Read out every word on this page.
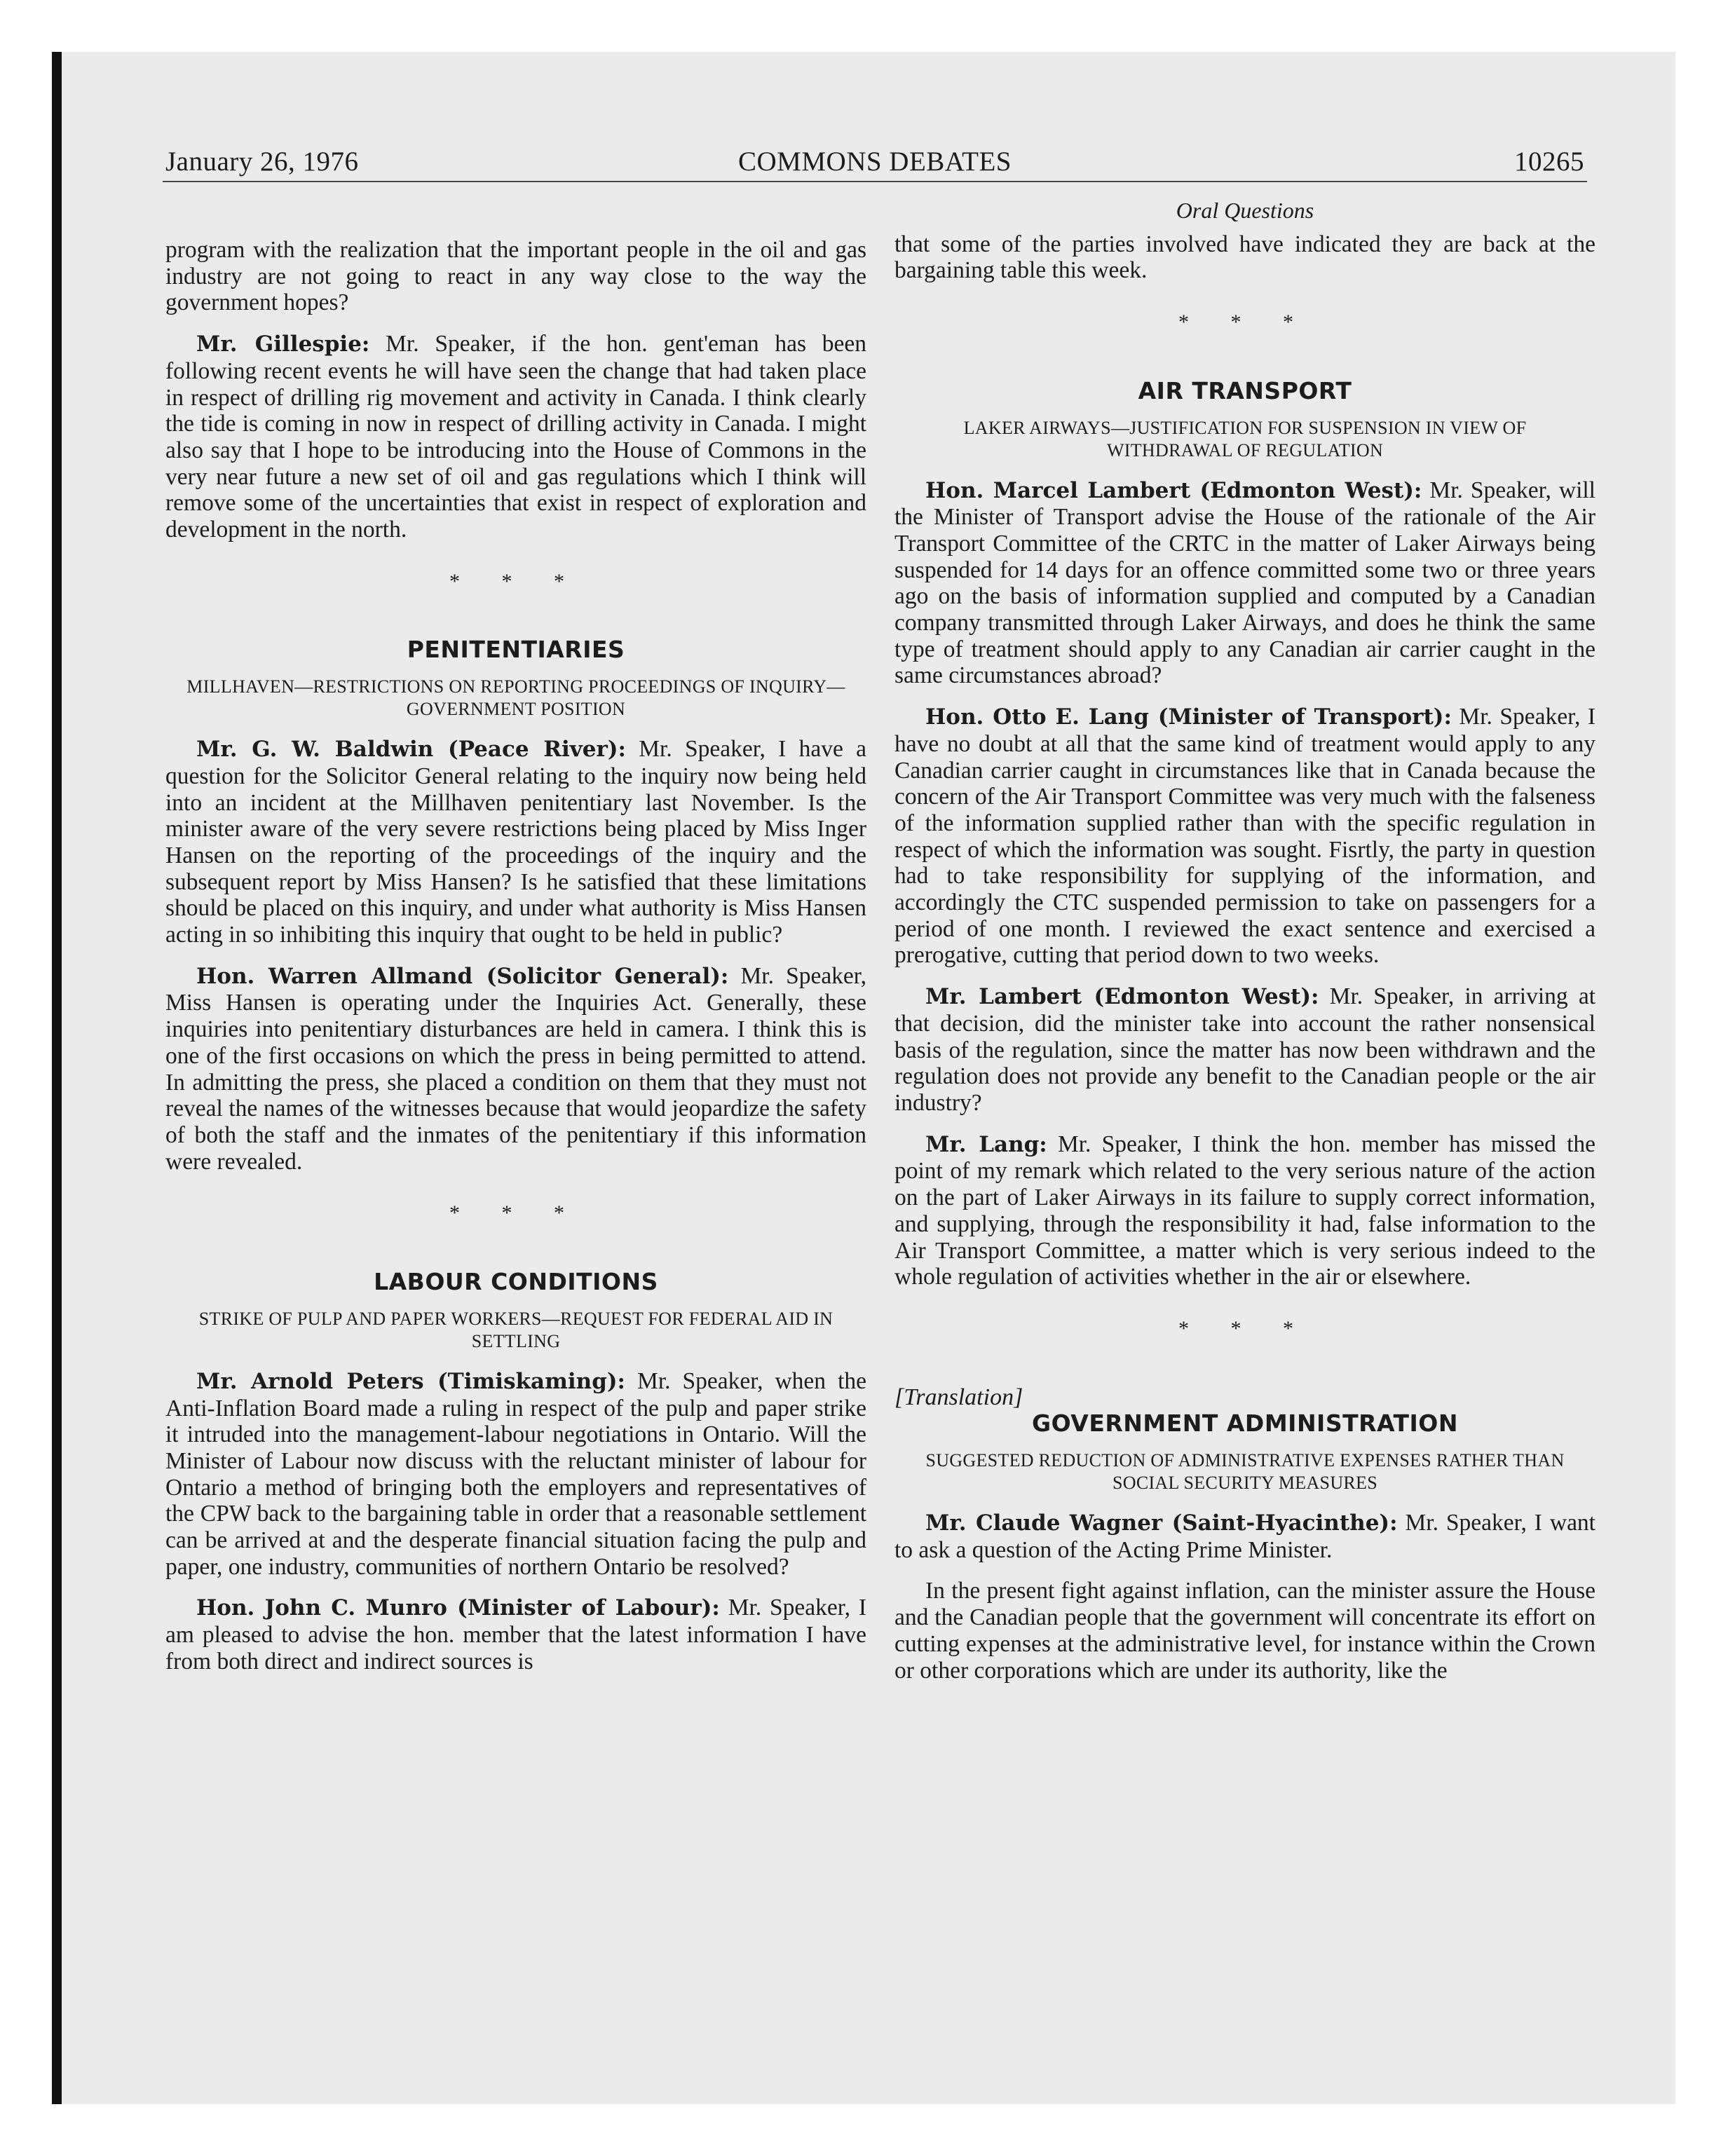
January 26, 1976	COMMONS DEBATES	10265

program with the realization that the important people in the oil and gas industry are not going to react in any way close to the way the government hopes?

Mr. Gillespie: Mr. Speaker, if the hon. gent'eman has been following recent events he will have seen the change that had taken place in respect of drilling rig movement and activity in Canada. I think clearly the tide is coming in now in respect of drilling activity in Canada. I might also say that I hope to be introducing into the House of Commons in the very near future a new set of oil and gas regulations which I think will remove some of the uncertainties that exist in respect of exploration and development in the north.

* * *
PENITENTIARIES
MILLHAVEN—RESTRICTIONS ON REPORTING PROCEEDINGS OF INQUIRY—GOVERNMENT POSITION

Mr. G. W. Baldwin (Peace River): Mr. Speaker, I have a question for the Solicitor General relating to the inquiry now being held into an incident at the Millhaven penitentiary last November. Is the minister aware of the very severe restrictions being placed by Miss Inger Hansen on the reporting of the proceedings of the inquiry and the subsequent report by Miss Hansen? Is he satisfied that these limitations should be placed on this inquiry, and under what authority is Miss Hansen acting in so inhibiting this inquiry that ought to be held in public?

Hon. Warren Allmand (Solicitor General): Mr. Speaker, Miss Hansen is operating under the Inquiries Act. Generally, these inquiries into penitentiary disturbances are held in camera. I think this is one of the first occasions on which the press in being permitted to attend. In admitting the press, she placed a condition on them that they must not reveal the names of the witnesses because that would jeopardize the safety of both the staff and the inmates of the penitentiary if this information were revealed.

* * *
LABOUR CONDITIONS
STRIKE OF PULP AND PAPER WORKERS—REQUEST FOR FEDERAL AID IN SETTLING

Mr. Arnold Peters (Timiskaming): Mr. Speaker, when the Anti-Inflation Board made a ruling in respect of the pulp and paper strike it intruded into the management-labour negotiations in Ontario. Will the Minister of Labour now discuss with the reluctant minister of labour for Ontario a method of bringing both the employers and representatives of the CPW back to the bargaining table in order that a reasonable settlement can be arrived at and the desperate financial situation facing the pulp and paper, one industry, communities of northern Ontario be resolved?

Hon. John C. Munro (Minister of Labour): Mr. Speaker, I am pleased to advise the hon. member that the latest information I have from both direct and indirect sources is

Oral Questions

that some of the parties involved have indicated they are back at the bargaining table this week.

* * *
AIR TRANSPORT
LAKER AIRWAYS—JUSTIFICATION FOR SUSPENSION IN VIEW OF WITHDRAWAL OF REGULATION

Hon. Marcel Lambert (Edmonton West): Mr. Speaker, will the Minister of Transport advise the House of the rationale of the Air Transport Committee of the CRTC in the matter of Laker Airways being suspended for 14 days for an offence committed some two or three years ago on the basis of information supplied and computed by a Canadian company transmitted through Laker Airways, and does he think the same type of treatment should apply to any Canadian air carrier caught in the same circumstances abroad?

Hon. Otto E. Lang (Minister of Transport): Mr. Speaker, I have no doubt at all that the same kind of treatment would apply to any Canadian carrier caught in circumstances like that in Canada because the concern of the Air Transport Committee was very much with the falseness of the information supplied rather than with the specific regulation in respect of which the information was sought. Fisrtly, the party in question had to take responsibility for supplying of the information, and accordingly the CTC suspended permission to take on passengers for a period of one month. I reviewed the exact sentence and exercised a prerogative, cutting that period down to two weeks.

Mr. Lambert (Edmonton West): Mr. Speaker, in arriving at that decision, did the minister take into account the rather nonsensical basis of the regulation, since the matter has now been withdrawn and the regulation does not provide any benefit to the Canadian people or the air industry?

Mr. Lang: Mr. Speaker, I think the hon. member has missed the point of my remark which related to the very serious nature of the action on the part of Laker Airways in its failure to supply correct information, and supplying, through the responsibility it had, false information to the Air Transport Committee, a matter which is very serious indeed to the whole regulation of activities whether in the air or elsewhere.

* * *
[Translation]
GOVERNMENT ADMINISTRATION
SUGGESTED REDUCTION OF ADMINISTRATIVE EXPENSES RATHER THAN SOCIAL SECURITY MEASURES

Mr. Claude Wagner (Saint-Hyacinthe): Mr. Speaker, I want to ask a question of the Acting Prime Minister.

In the present fight against inflation, can the minister assure the House and the Canadian people that the government will concentrate its effort on cutting expenses at the administrative level, for instance within the Crown or other corporations which are under its authority, like the
